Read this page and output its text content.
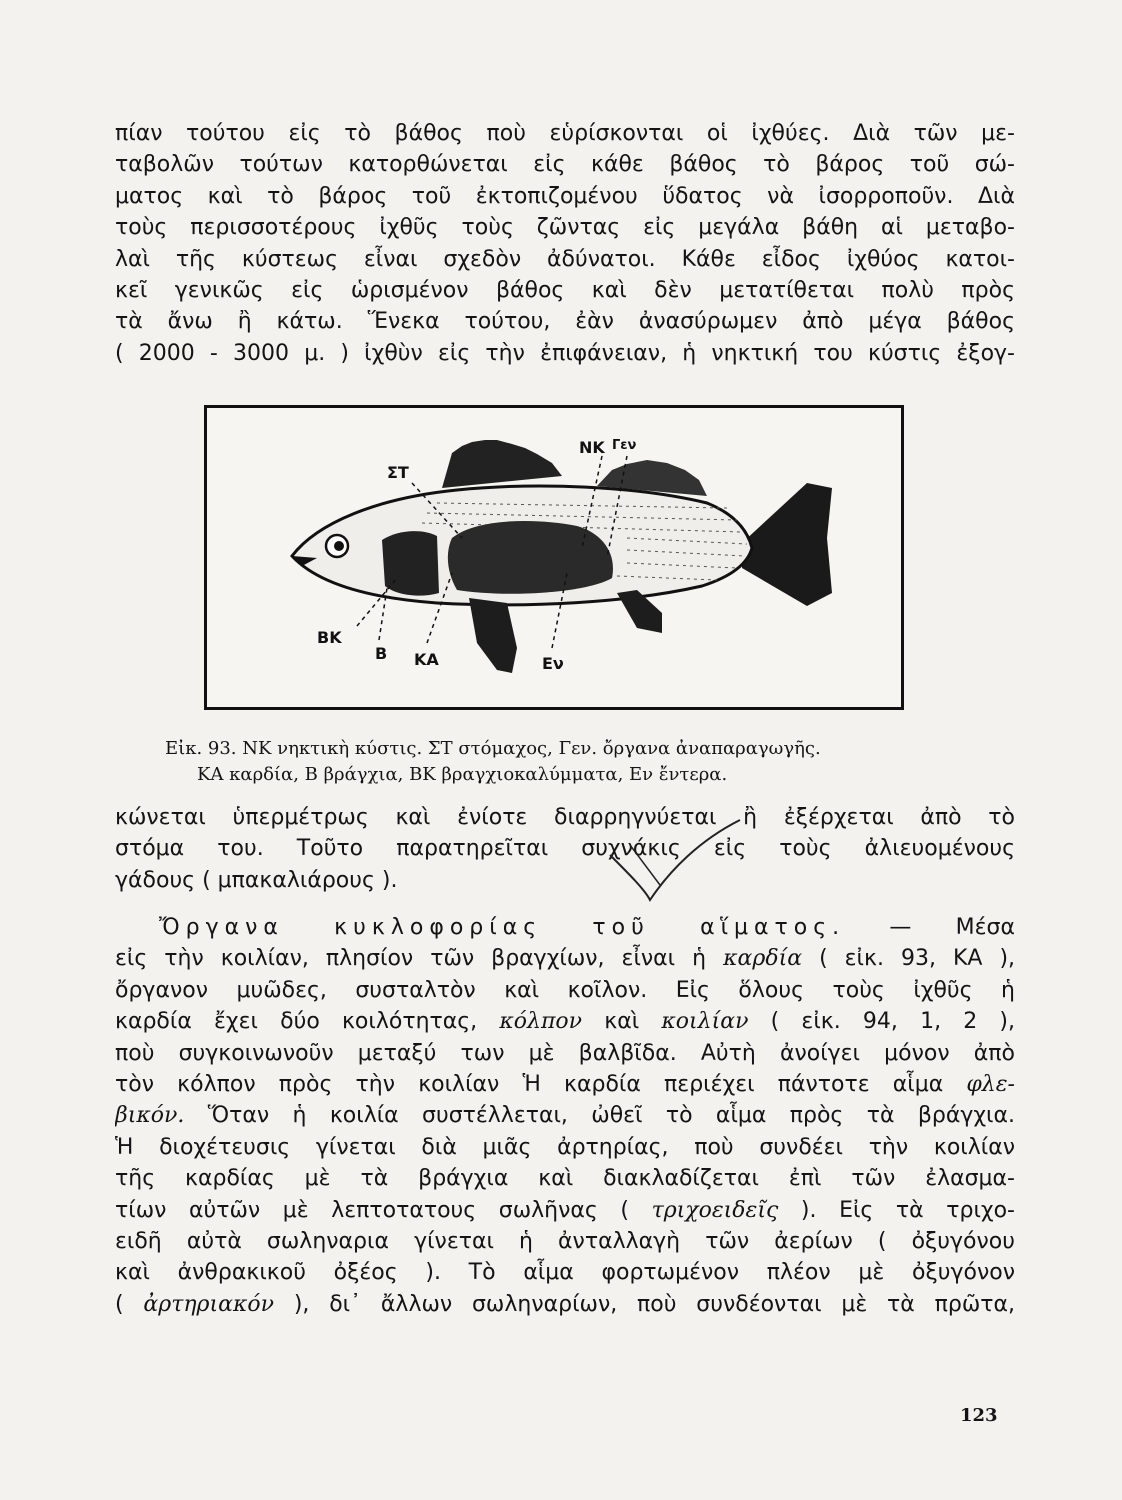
πίαν τούτου εἰς τὸ βάθος ποὺ εὑρίσκονται οἱ ἰχθύες. Διὰ τῶν με-
ταβολῶν τούτων κατορθώνεται εἰς κάθε βάθος τὸ βάρος τοῦ σώ-
ματος καὶ τὸ βάρος τοῦ ἐκτοπιζομένου ὕδατος νὰ ἰσορροποῦν. Διὰ
τοὺς περισσοτέρους ἰχθῦς τοὺς ζῶντας εἰς μεγάλα βάθη αἱ μεταβο-
λαὶ τῆς κύστεως εἶναι σχεδὸν ἀδύνατοι. Κάθε εἶδος ἰχθύος κατοι-
κεῖ γενικῶς εἰς ὡρισμένον βάθος καὶ δὲν μετατίθεται πολὺ πρὸς
τὰ ἄνω ἢ κάτω. Ἕνεκα τούτου, ἐὰν ἀνασύρωμεν ἀπὸ μέγα βάθος
( 2000 - 3000 μ. ) ἰχθὺν εἰς τὴν ἐπιφάνειαν, ἡ νηκτική του κύστις ἐξογ-
ΝΚ Γεν
ΣΤ
ΒΚ
Β ΚΑ	Εν
Εἰκ. 93. ΝΚ νηκτικὴ κύστις. ΣΤ στόμαχος, Γεν. ὄργανα ἀναπαραγωγῆς.
ΚΑ καρδία, Β βράγχια, ΒΚ βραγχιοκαλύμματα, Εν ἔντερα.
κώνεται ὑπερμέτρως καὶ ἐνίοτε διαρρηγνύεται ἢ ἐξέρχεται ἀπὸ τὸ
στόμα του. Τοῦτο παρατηρεῖται συχνάκις εἰς τοὺς ἀλιευομένους
γάδους ( μπακαλιάρους ).
Ὄργανα κυκλοφορίας τοῦ αἵματος. — Μέσα
εἰς τὴν κοιλίαν, πλησίον τῶν βραγχίων, εἶναι ἡ καρδία ( εἰκ. 93, ΚΑ ),
ὄργανον μυῶδες, συσταλτὸν καὶ κοῖλον. Εἰς ὅλους τοὺς ἰχθῦς ἡ
καρδία ἔχει δύο κοιλότητας, κόλπον καὶ κοιλίαν ( εἰκ. 94, 1, 2 ),
ποὺ συγκοινωνοῦν μεταξύ των μὲ βαλβῖδα. Αὐτὴ ἀνοίγει μόνον ἀπὸ
τὸν κόλπον πρὸς τὴν κοιλίαν Ἡ καρδία περιέχει πάντοτε αἷμα φλε-
βικόν. Ὅταν ἡ κοιλία συστέλλεται, ὠθεῖ τὸ αἷμα πρὸς τὰ βράγχια.
Ἡ διοχέτευσις γίνεται διὰ μιᾶς ἀρτηρίας, ποὺ συνδέει τὴν κοιλίαν
τῆς καρδίας μὲ τὰ βράγχια καὶ διακλαδίζεται ἐπὶ τῶν ἐλασμα-
τίων αὐτῶν μὲ λεπτοτατους σωλῆνας ( τριχοειδεῖς ). Εἰς τὰ τριχο-
ειδῆ αὐτὰ σωληναρια γίνεται ἡ ἀνταλλαγὴ τῶν ἀερίων ( ὀξυγόνου
καὶ ἀνθρακικοῦ ὀξέος ). Τὸ αἷμα φορτωμένον πλέον μὲ ὀξυγόνον
( ἀρτηριακόν ), δι᾿ ἄλλων σωληναρίων, ποὺ συνδέονται μὲ τὰ πρῶτα,
123
